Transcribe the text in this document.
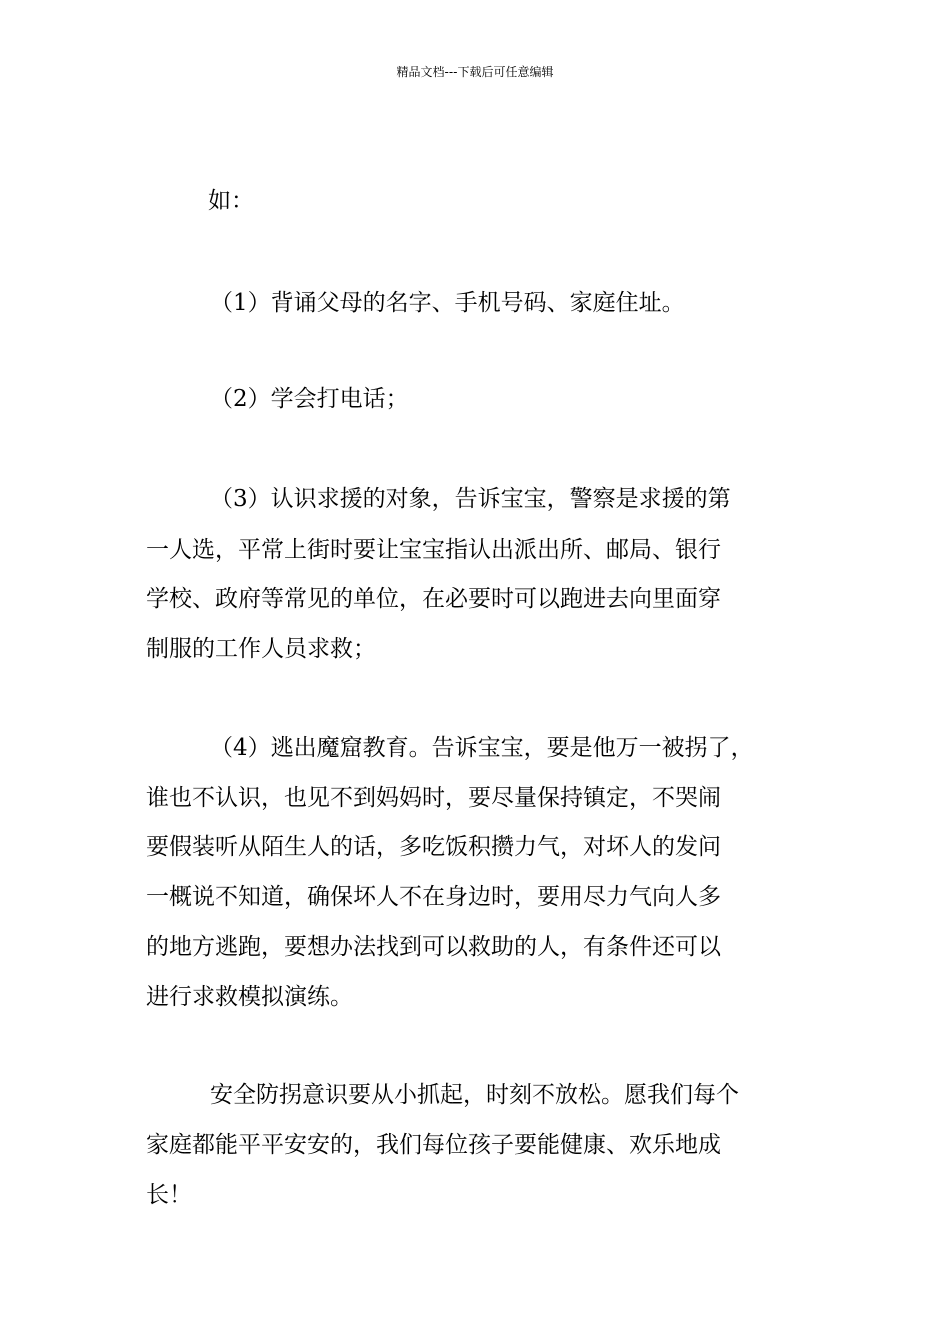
精品文档---下载后可任意编辑
如：
（1）背诵父母的名字、手机号码、家庭住址。
（2）学会打电话；
（3）认识求援的对象，告诉宝宝，警察是求援的第
一人选，平常上街时要让宝宝指认出派出所、邮局、银行
学校、政府等常见的单位，在必要时可以跑进去向里面穿
制服的工作人员求救；
（4）逃出魔窟教育。告诉宝宝，要是他万一被拐了，
谁也不认识，也见不到妈妈时，要尽量保持镇定，不哭闹
要假装听从陌生人的话，多吃饭积攒力气，对坏人的发问
一概说不知道，确保坏人不在身边时，要用尽力气向人多
的地方逃跑，要想办法找到可以救助的人，有条件还可以
进行求救模拟演练。
安全防拐意识要从小抓起，时刻不放松。愿我们每个
家庭都能平平安安的，我们每位孩子要能健康、欢乐地成
长！
